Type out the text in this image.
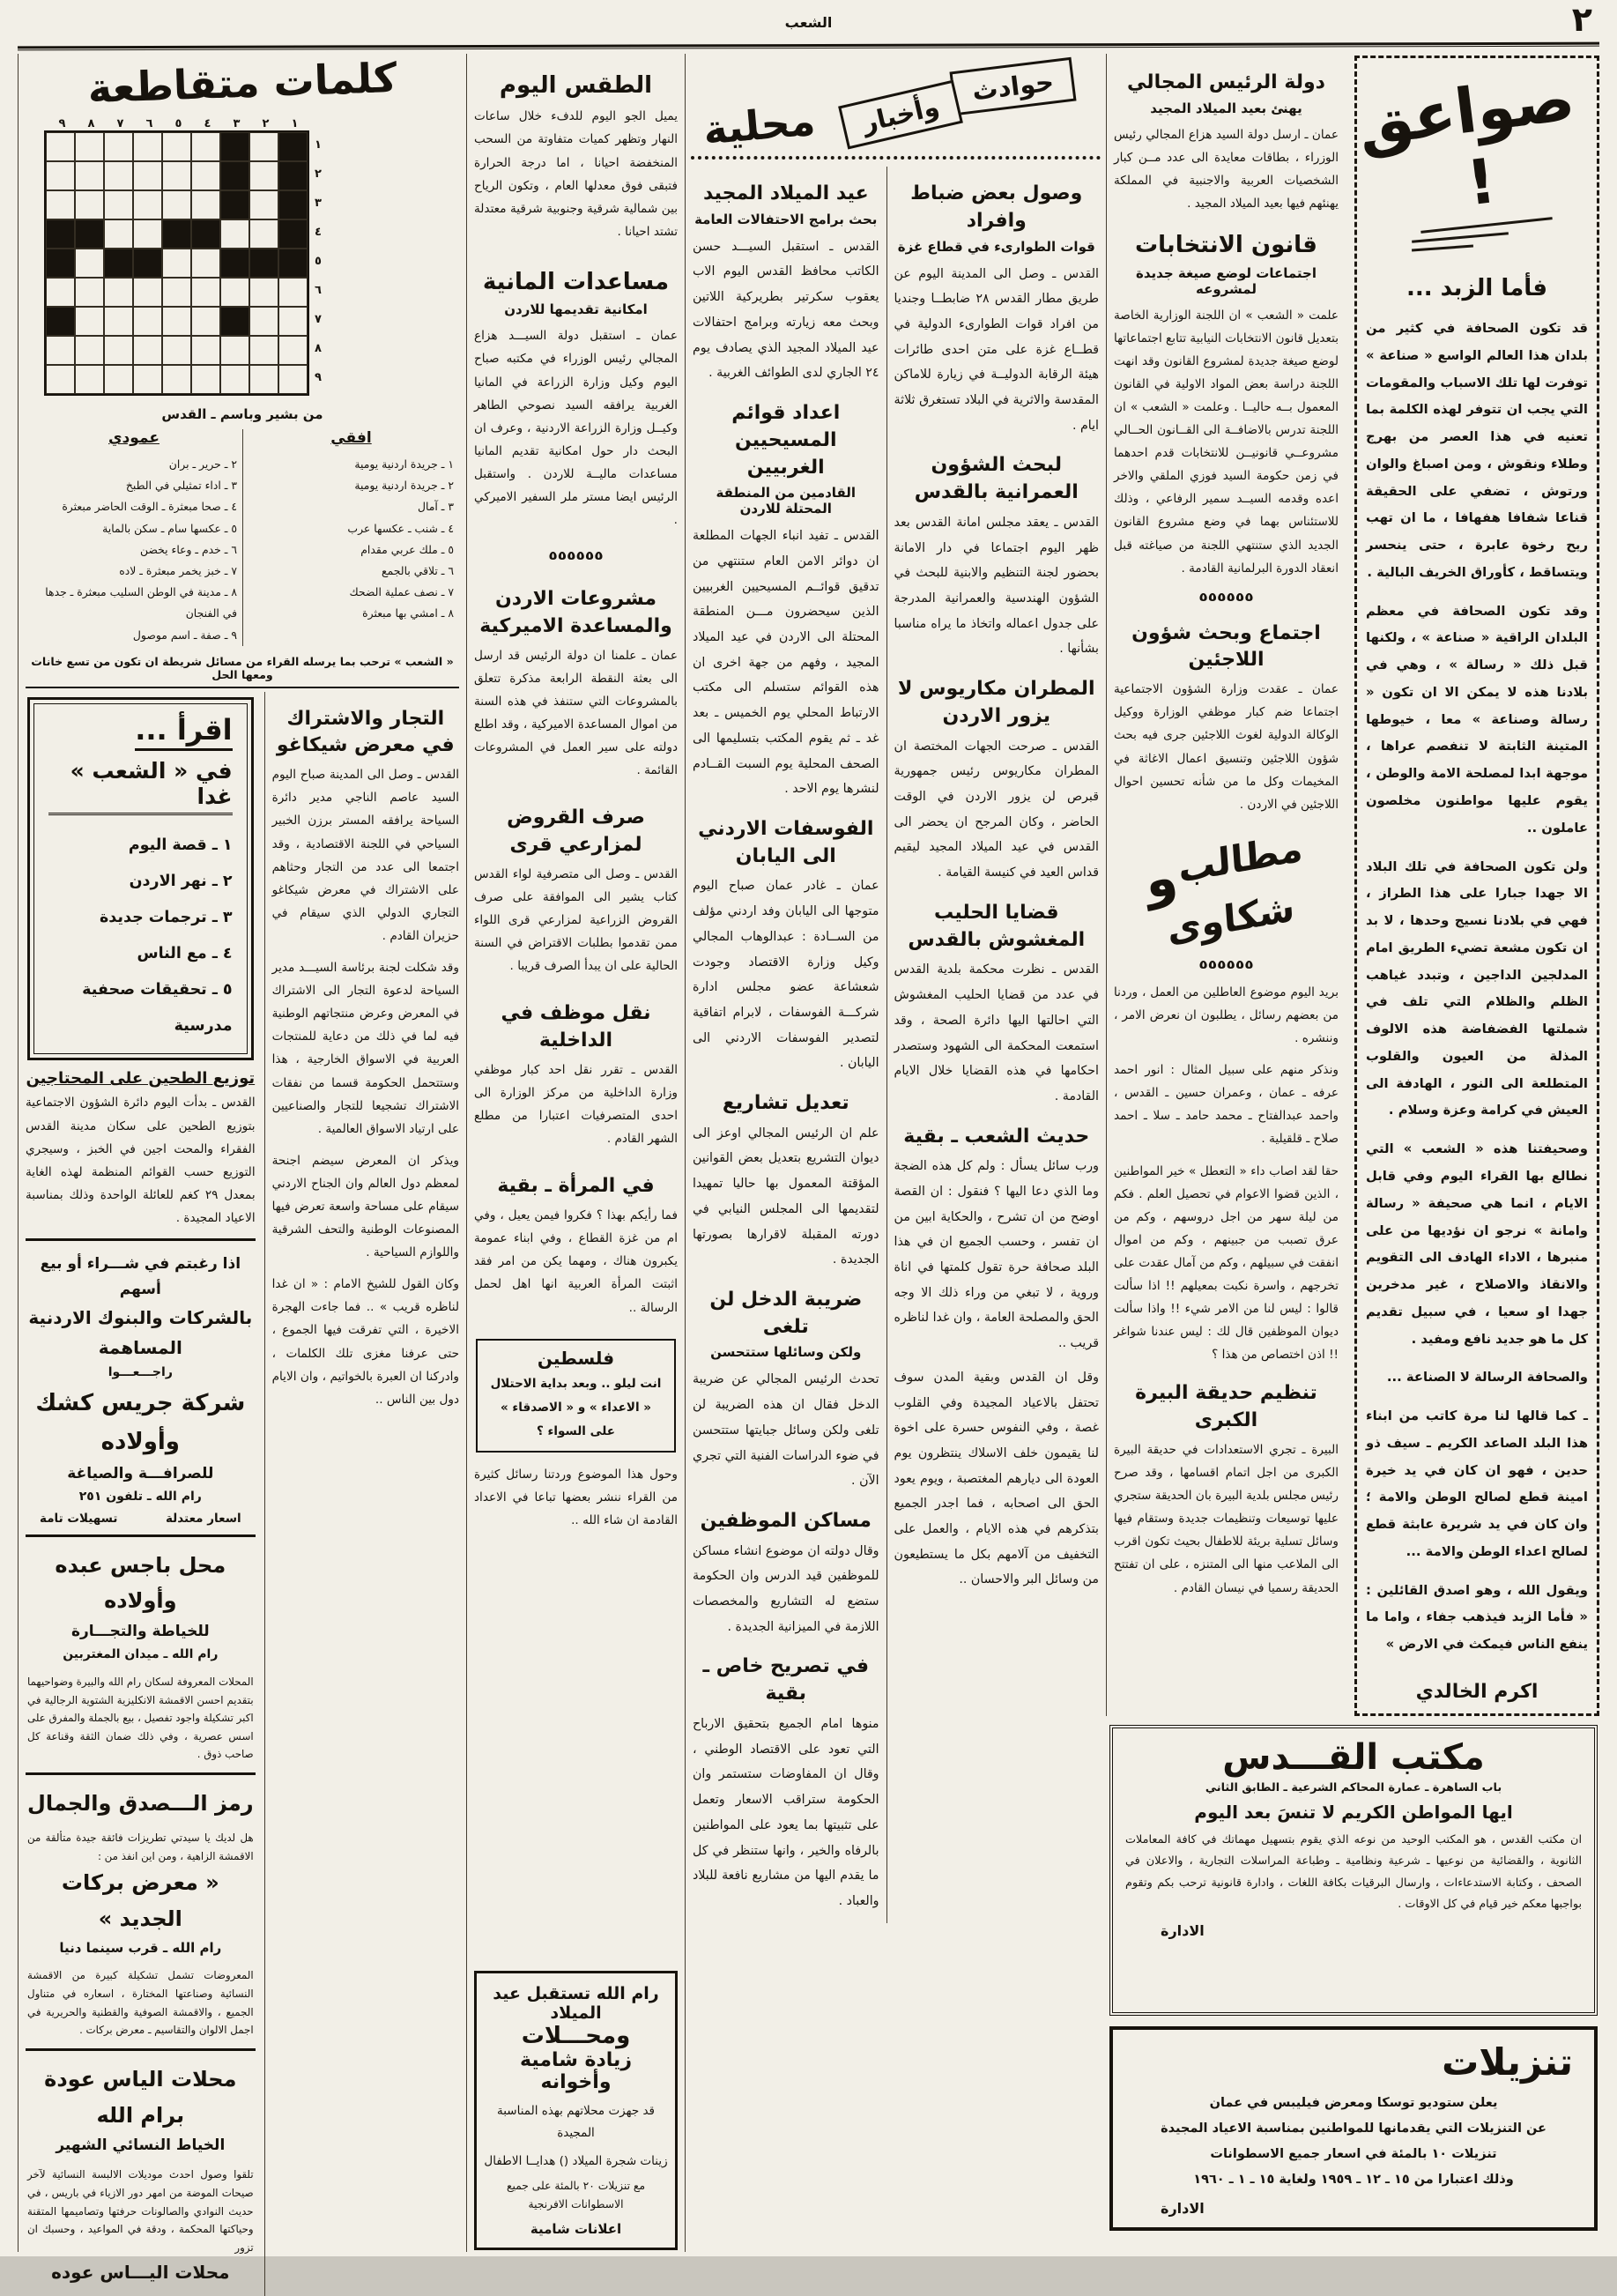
٢
الشعب
صواعق !
فأما الزبد ...

قد تكون الصحافة في كثير من بلدان هذا العالم الواسع « صناعة » توفرت لها تلك الاسباب والمقومات التي يجب ان تتوفر لهذه الكلمة بما تعنيه في هذا العصر من بهرج وطلاء ونقوش ، ومن اصباغ والوان ورتوش ، تضفي على الحقيقة قناعا شفافا هفهافا ، ما ان تهب ريح رخوة عابرة ، حتى ينحسر ويتساقط ، كأوراق الخريف البالية .

وقد تكون الصحافة في معظم البلدان الراقية « صناعة » ، ولكنها قبل ذلك « رسالة » ، وهي في بلادنا هذه لا يمكن الا ان تكون « رسالة وصناعة » معا ، خيوطها المتينة الثابتة لا تنفصم عراها ، موجهة ابدا لمصلحة الامة والوطن ، يقوم عليها مواطنون مخلصون عاملون ..

ولن تكون الصحافة في تلك البلاد الا جهدا جبارا على هذا الطراز ، فهي في بلادنا نسيج وحدها ، لا بد ان تكون مشعة تضيء الطريق امام المدلجين الداجين ، وتبدد غياهب الظلم والظلام التي تلف في شملتها الفضفاضة هذه الالوف المذلة من العيون والقلوب المتطلعة الى النور ، الهادفة الى العيش في كرامة وعزة وسلام .

وصحيفتنا هذه « الشعب » التي نطالع بها القراء اليوم وفي قابل الايام ، انما هي صحيفة « رسالة وامانة » نرجو ان نؤديها من على منبرها ، الاداء الهادف الى التقويم والانقاذ والاصلاح ، غير مدخرين جهدا او سعيا ، في سبيل تقديم كل ما هو جديد نافع ومفيد .

والصحافة الرسالة لا الصناعة ...

ـ كما قالها لنا مرة كاتب من ابناء هذا البلد الصاعد الكريم ـ سيف ذو حدين ، فهو ان كان في يد خيرة امينة قطع لصالح الوطن والامة ؛ وان كان في يد شريرة عابثة قطع لصالح اعداء الوطن والامة ...

ويقول الله ، وهو اصدق القائلين : « فأما الزبد فيذهب جفاء ، واما ما ينفع الناس فيمكث في الارض »

اكرم الخالدي
دولة الرئيس المجالي
يهنئ بعيد الميلاد المجيد

عمان ـ ارسل دولة السيد هزاع المجالي رئيس الوزراء ، بطاقات معايدة الى عدد مــن كبار الشخصيات العربية والاجنبية في المملكة يهنئهم فيها بعيد الميلاد المجيد .

قانون الانتخابات
اجتماعات لوضع صيغة جديدة لمشروعه

علمت « الشعب » ان اللجنة الوزارية الخاصة بتعديل قانون الانتخابات النيابية تتابع اجتماعاتها لوضع صيغة جديدة لمشروع القانون وقد انهت اللجنة دراسة بعض المواد الاولية في القانون المعمول بــه حاليــا . وعلمت « الشعب » ان اللجنة تدرس بالاضافــة الى القــانون الحــالي مشروعــي قانونيــن للانتخابات قدم احدهما في زمن حكومة السيد فوزي الملقي والاخر اعده وقدمه السيــد سمير الرفاعي ، وذلك للاستئناس بهما في وضع مشروع القانون الجديد الذي ستنتهي اللجنة من صياغته قبل انعقاد الدورة البرلمانية القادمة .

٥٥٥٥٥٥
اجتماع وبحث شؤون اللاجئين

عمان ـ عقدت وزارة الشؤون الاجتماعية اجتماعا ضم كبار موظفي الوزارة ووكيل الوكالة الدولية لغوث اللاجئين جرى فيه بحث شؤون اللاجئين وتنسيق اعمال الاغاثة في المخيمات وكل ما من شأنه تحسين احوال اللاجئين في الاردن .

مطالبوشكاوى
٥٥٥٥٥٥

بريد اليوم موضوع العاطلين من العمل ، وردنا من بعضهم رسائل ، يطلبون ان نعرض الامر ، وننشره .

ونذكر منهم على سبيل المثال : انور احمد عرفه ـ عمان ، وعمران حسين ـ القدس ، واحمد عبدالفتاح ـ محمد حامد ـ سلا ـ احمد صلاح ـ قلقيلية .

حقا لقد اصاب داء « التعطل » خير المواطنين ، الذين قضوا الاعوام في تحصيل العلم . فكم من ليلة سهر من اجل دروسهم ، وكم من عرق تصبب من جبينهم ، وكم من اموال انفقت في سبيلهم ، وكم من آمال عقدت على تخرجهم ، واسرة نكبت بمعيلهم !! اذا سألت قالوا : ليس لنا من الامر شيء !! واذا سألت ديوان الموظفين قال لك : ليس عندنا شواغر !! اذن اختصاص من هذا ؟

تنظيم حديقة البيرة الكبرى

البيرة ـ تجري الاستعدادات في حديقة البيرة الكبرى من اجل اتمام اقسامها ، وقد صرح رئيس مجلس بلدية البيرة بان الحديقة ستجري عليها توسيعات وتنظيمات جديدة وستقام فيها وسائل تسلية بريئة للاطفال بحيث تكون اقرب الى الملاعب منها الى المتنزه ، على ان تفتتح الحديقة رسميا في نيسان القادم .

مكتب القـــدس
باب الساهرة ـ عمارة المحاكم الشرعية ـ الطابق الثاني
ايها المواطن الكريم لا تنسَ بعد اليوم

ان مكتب القدس ، هو المكتب الوحيد من نوعه الذي يقوم بتسهيل مهماتك في كافة المعاملات الثانوية ، والقضائية من نوعيها ـ شرعية ونظامية ـ وطباعة المراسلات التجارية ، والاعلان في الصحف ، وكتابة الاستدعاءات ، وارسال البرقيات بكافة اللغات ، وادارة قانونية ترحب بكم وتقوم بواجبها معكم خير قيام في كل الاوقات .

الادارة
تنزيلات
يعلن ستوديو توسكا ومعرض فيليبس في عمان
عن التنزيلات التي يقدمانها للمواطنين بمناسبة الاعياد المجيدة
تنزيلات ١٠ بالمئة في اسعار جميع الاسطوانات
وذلك اعتبارا من ١٥ ـ ١٢ ـ ١٩٥٩ ولغاية ١٥ ـ ١ ـ ١٩٦٠
الادارة
حوادث
وأخبار
محلية
وصول بعض ضباط وافراد
قوات الطوارىء في قطاع غزة

القدس ـ وصل الى المدينة اليوم عن طريق مطار القدس ٢٨ ضابطــا وجنديا من افراد قوات الطوارىء الدولية في قطــاع غزة على متن احدى طائرات هيئة الرقابة الدوليــة في زيارة للاماكن المقدسة والاثرية في البلاد تستغرق ثلاثة ايام .

لبحث الشؤون العمرانية بالقدس

القدس ـ يعقد مجلس امانة القدس بعد ظهر اليوم اجتماعا في دار الامانة بحضور لجنة التنظيم والابنية للبحث في الشؤون الهندسية والعمرانية المدرجة على جدول اعماله واتخاذ ما يراه مناسبا بشأنها .

المطران مكاريوس لا يزور الاردن

القدس ـ صرحت الجهات المختصة ان المطران مكاريوس رئيس جمهورية قبرص لن يزور الاردن في الوقت الحاضر ، وكان المرجح ان يحضر الى القدس في عيد الميلاد المجيد ليقيم قداس العيد في كنيسة القيامة .

قضايا الحليب المغشوش بالقدس

القدس ـ نظرت محكمة بلدية القدس في عدد من قضايا الحليب المغشوش التي احالتها اليها دائرة الصحة ، وقد استمعت المحكمة الى الشهود وستصدر احكامها في هذه القضايا خلال الايام القادمة .

حديث الشعب ـ بقية

ورب سائل يسأل : ولم كل هذه الضجة وما الذي دعا اليها ؟ فنقول : ان القصة اوضح من ان تشرح ، والحكاية ابين من ان تفسر ، وحسب الجميع ان في هذا البلد صحافة حرة تقول كلمتها في اناة وروية ، لا تبغي من وراء ذلك الا وجه الحق والمصلحة العامة ، وان غدا لناظره قريب ..

وقل ان القدس وبقية المدن سوف تحتفل بالاعياد المجيدة وفي القلوب غصة ، وفي النفوس حسرة على اخوة لنا يقيمون خلف الاسلاك ينتظرون يوم العودة الى ديارهم المغتصبة ، ويوم يعود الحق الى اصحابه ، فما اجدر الجميع بتذكرهم في هذه الايام ، والعمل على التخفيف من آلامهم بكل ما يستطيعون من وسائل البر والاحسان ..

عيد الميلاد المجيد
بحث برامج الاحتفالات العامة

القدس ـ استقبل السيـــد حسن الكاتب محافظ القدس اليوم الاب يعقوب سكرتير بطريركية اللاتين وبحث معه زيارته وبرامج احتفالات عيد الميلاد المجيد الذي يصادف يوم ٢٤ الجاري لدى الطوائف الغربية .

اعداد قوائم المسيحيين الغربيين
القادمين من المنطقة المحتلة للاردن

القدس ـ تفيد انباء الجهات المطلعة ان دوائر الامن العام ستنتهي من تدقيق قوائــم المسيحيين الغربيين الذين سيحضرون مـــن المنطقة المحتلة الى الاردن في عيد الميلاد المجيد ، وفهم من جهة اخرى ان هذه القوائم ستسلم الى مكتب الارتباط المحلي يوم الخميس ـ بعد غد ـ ثم يقوم المكتب بتسليمها الى الصحف المحلية يوم السبت القــادم لنشرها يوم الاحد .

الفوسفات الاردني الى اليابان

عمان ـ غادر عمان صباح اليوم متوجها الى اليابان وفد اردني مؤلف من الســادة : عبدالوهاب المجالي وكيل وزارة الاقتصاد وجودت شعشاعة عضو مجلس ادارة شركـــة الفوسفات ، لابرام اتفاقية لتصدير الفوسفات الاردني الى اليابان .

تعديل تشاريع

علم ان الرئيس المجالي اوعز الى ديوان التشريع بتعديل بعض القوانين المؤقتة المعمول بها حاليا تمهيدا لتقديمها الى المجلس النيابي في دورته المقبلة لاقرارها بصورتها الجديدة .

ضريبة الدخل لن تلغى
ولكن وسائلها ستتحسن

تحدث الرئيس المجالي عن ضريبة الدخل فقال ان هذه الضريبة لن تلغى ولكن وسائل جبايتها ستتحسن في ضوء الدراسات الفنية التي تجري الآن .

مساكن الموظفين

وقال دولته ان موضوع انشاء مساكن للموظفين قيد الدرس وان الحكومة ستضع له التشاريع والمخصصات اللازمة في الميزانية الجديدة .

في تصريح خاص ـ بقية

منوها امام الجميع بتحقيق الارباح التي تعود على الاقتصاد الوطني ، وقال ان المفاوضات ستستمر وان الحكومة ستراقب الاسعار وتعمل على تثبيتها بما يعود على المواطنين بالرفاه والخير ، وانها ستنظر في كل ما يقدم اليها من مشاريع نافعة للبلاد والعباد .

الطقس اليوم

يميل الجو اليوم للدفء خلال ساعات النهار وتظهر كميات متفاوتة من السحب المنخفضة احيانا ، اما درجة الحرارة فتبقى فوق معدلها العام ، وتكون الرياح بين شمالية شرقية وجنوبية شرقية معتدلة تشتد احيانا .

مساعدات المانية
امكانية تقديمها للاردن

عمان ـ استقبل دولة السيـــد هزاع المجالي رئيس الوزراء في مكتبه صباح اليوم وكيل وزارة الزراعة في المانيا الغربية يرافقه السيد نصوحي الطاهر وكيــل وزارة الزراعة الاردنية ، وعرف ان البحث دار حول امكانية تقديم المانيا مساعدات ماليــة للاردن . واستقبل الرئيس ايضا مستر ملر السفير الاميركي .

٥٥٥٥٥٥
مشروعات الاردن والمساعدة الاميركية

عمان ـ علمنا ان دولة الرئيس قد ارسل الى بعثة النقطة الرابعة مذكرة تتعلق بالمشروعات التي ستنفذ في هذه السنة من اموال المساعدة الاميركية ، وقد اطلع دولته على سير العمل في المشروعات القائمة .

صرف القروض لمزارعي قرى

القدس ـ وصل الى متصرفية لواء القدس كتاب يشير الى الموافقة على صرف القروض الزراعية لمزارعي قرى اللواء ممن تقدموا بطلبات الاقتراض في السنة الحالية على ان يبدأ الصرف قريبا .

نقل موظف في الداخلية

القدس ـ تقرر نقل احد كبار موظفي وزارة الداخلية من مركز الوزارة الى احدى المتصرفيات اعتبارا من مطلع الشهر القادم .

في المرأة ـ بقية

فما رأيكم بهذا ؟ فكروا فيمن يعيل ، وفي ام من غزة القطاع ، وفي ابناء عمومة يكبرون هناك ، ومهما يكن من امر فقد اثبتت المرأة العربية انها اهل لحمل الرسالة ..

فلسطين
انت ليلو .. وبعد بداية الاحتلال
« الاعداء » و « الاصدقاء »
على السواء ؟

وحول هذا الموضوع وردتنا رسائل كثيرة من القراء ننشر بعضها تباعا في الاعداد القادمة ان شاء الله ..

رام الله تستقبل عيد الميلاد
ومحـــلات
زيادة شامية وأخوانه
قد جهزت محلاتهم بهذه المناسبة المجيدة
زينات شجرة الميلاد () هدايــا الاطفال
مع تنزيلات ٢٠ بالمئة على جميع الاسطوانات الافرنجية
اعلانات شامية
كلمات متقاطعة
١
٢
٣
٤
٥
٦
٧
٨
٩
١
٢
٣
٤
٥
٦
٧
٨
٩
من بشير وباسم ـ القدس
افقي
١ ـ جريدة اردنية يومية
٢ ـ جريدة اردنية يومية
٣ ـ آمال
٤ ـ شنب ـ عكسها عرب
٥ ـ ملك عربي مقدام
٦ ـ تلاقي بالجمع
٧ ـ نصف عملية الضحك
٨ ـ امشي بها مبعثرة
عمودي
٢ ـ حرير ـ بران
٣ ـ اداء تمثيلي في الطبخ
٤ ـ صحا مبعثرة ـ الوقت الحاضر مبعثرة
٥ ـ عكسها سام ـ سكن بالماية
٦ ـ خدم ـ وعاء يخضن
٧ ـ خبز يخمر مبعثرة ـ لاده
٨ ـ مدينة في الوطن السليب مبعثرة ـ جدها في الفنجان
٩ ـ صفة ـ اسم موصول
« الشعب » ترحب بما يرسله القراء من مسائل شريطة ان تكون من تسع خانات ومعها الحل
التجار والاشتراك في معرض شيكاغو

القدس ـ وصل الى المدينة صباح اليوم السيد عاصم الناجي مدير دائرة السياحة يرافقه المستر برزن الخبير السياحي في اللجنة الاقتصادية ، وقد اجتمعا الى عدد من التجار وحثاهم على الاشتراك في معرض شيكاغو التجاري الدولي الذي سيقام في حزيران القادم .

وقد شكلت لجنة برئاسة السيـــد مدير السياحة لدعوة التجار الى الاشتراك في المعرض وعرض منتجاتهم الوطنية فيه لما في ذلك من دعاية للمنتجات العربية في الاسواق الخارجية ، هذا وستتحمل الحكومة قسما من نفقات الاشتراك تشجيعا للتجار والصناعيين على ارتياد الاسواق العالمية .

ويذكر ان المعرض سيضم اجنحة لمعظم دول العالم وان الجناح الاردني سيقام على مساحة واسعة تعرض فيها المصنوعات الوطنية والتحف الشرقية واللوازم السياحية .

وكان القول للشيخ الامام : « ان غدا لناظره قريب » .. فما جاءت الهجرة الاخيرة ، التي تفرقت فيها الجموع ، حتى عرفنا مغزى تلك الكلمات ، وادركنا ان العبرة بالخواتيم ، وان الايام دول بين الناس ..

اقرأ ...
في « الشعب » غدا
١ ـ قصة اليوم
٢ ـ نهر الاردن
٣ ـ ترجمات جديدة
٤ ـ مع الناس
٥ ـ تحقيقات صحفية مدرسية
توزيع الطحين على المحتاجين

القدس ـ بدأت اليوم دائرة الشؤون الاجتماعية بتوزيع الطحين على سكان مدينة القدس الفقراء والمحت اجين في الخبز ، وسيجري التوزيع حسب القوائم المنظمة لهذه الغاية بمعدل ٢٩ كغم للعائلة الواحدة وذلك بمناسبة الاعياد المجيدة .

اذا رغبتم في شـــراء أو بيع أسهم
بالشركات والبنوك الاردنية المساهمة
راجـــعـــوا
شركة جريس كشك وأولاده
للصرافـــة والصياغة
رام الله ـ تلفون ٢٥١
اسعار معتدلة
تسهيلات تامة
محل باجس عبده وأولاده
للخياطة والتجـــارة
رام الله ـ ميدان المغتربين

المحلات المعروفة لسكان رام الله والبيرة وضواحيهما بتقديم احسن الاقمشة الانكليزية الشتوية الرجالية في اكبر تشكيلة واجود تفصيل ، بيع بالجملة والمفرق على اسس عصرية ، وفي ذلك ضمان الثقة وقناعة كل صاحب ذوق .

رمز الـــصدق والجمال

هل لديك يا سيدتي تطريزات فائقة جيدة متألقة من الاقمشة الزاهية ، ومن اين انفذ من :

« معرض بركات الجديد »
رام الله ـ قرب سينما دنيا

المعروضات تشمل تشكيلة كبيرة من الاقمشة النسائية وصناعتها المختارة ، اسعاره في متناول الجميع ، والاقمشة الصوفية والقطنية والحريرية في اجمل الالوان والتقاسيم ـ معرض بركات .

محلات الياس عودة برام الله
الخياط النسائي الشهير

تلقوا وصول احدث موديلات الالبسة النسائية لآخر صيحات الموضة من امهر دور الازياء في باريس ، في حديث النوادي والصالونات حرفتها وتصاميمها المتقنة وحياكتها المحكمة ، ودقة في المواعيد ، وحسبك ان تزور

محلات اليـــاس عوده
